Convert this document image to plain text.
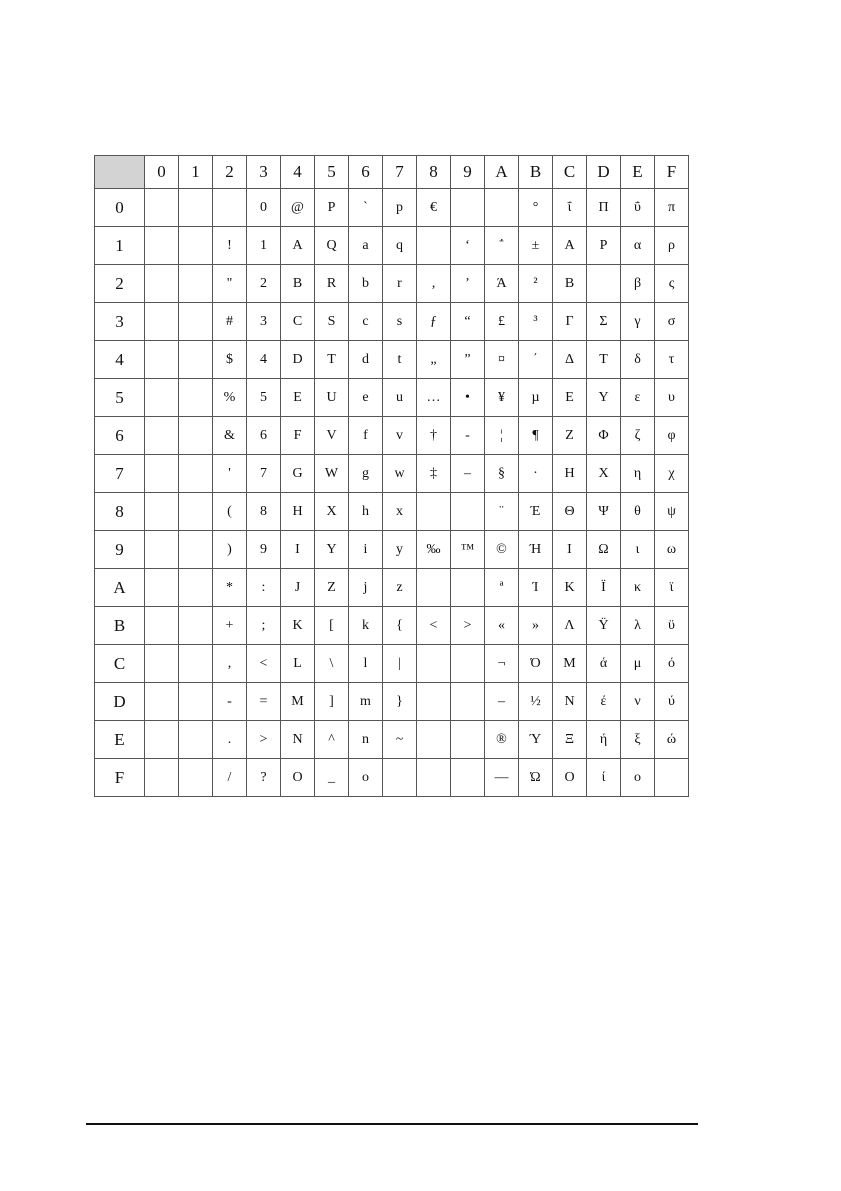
	0	1	2	3	4	5	6	7	8	9	A	B	C	D	E	F
0				0	@	P	`	p	€			°	ΐ	Π	ΰ	π
1			!	1	A	Q	a	q		‘	΅	±	Α	Ρ	α	ρ
2			"	2	B	R	b	r	‚	’	Ά	²	Β		β	ς
3			#	3	C	S	c	s	ƒ	“	£	³	Γ	Σ	γ	σ
4			$	4	D	T	d	t	„	”	¤	΄	Δ	Τ	δ	τ
5			%	5	E	U	e	u	…	•	¥	µ	Ε	Υ	ε	υ
6			&	6	F	V	f	v	†	-	¦	¶	Ζ	Φ	ζ	φ
7			'	7	G	W	g	w	‡	–	§	·	Η	Χ	η	χ
8			(	8	H	X	h	x			¨	Έ	Θ	Ψ	θ	ψ
9			)	9	I	Y	i	y	‰	™	©	Ή	Ι	Ω	ι	ω
A			*	:	J	Z	j	z			ª	Ί	Κ	Ϊ	κ	ϊ
B			+	;	K	[	k	{	<	>	«	»	Λ	Ϋ	λ	ϋ
C			,	<	L	\	l	|			¬	Ό	Μ	ά	μ	ό
D			-	=	M	]	m	}			–	½	Ν	έ	ν	ύ
E			.	>	N	^	n	~			®	Ύ	Ξ	ή	ξ	ώ
F			/	?	O	_	o				—	Ώ	Ο	ί	ο	
